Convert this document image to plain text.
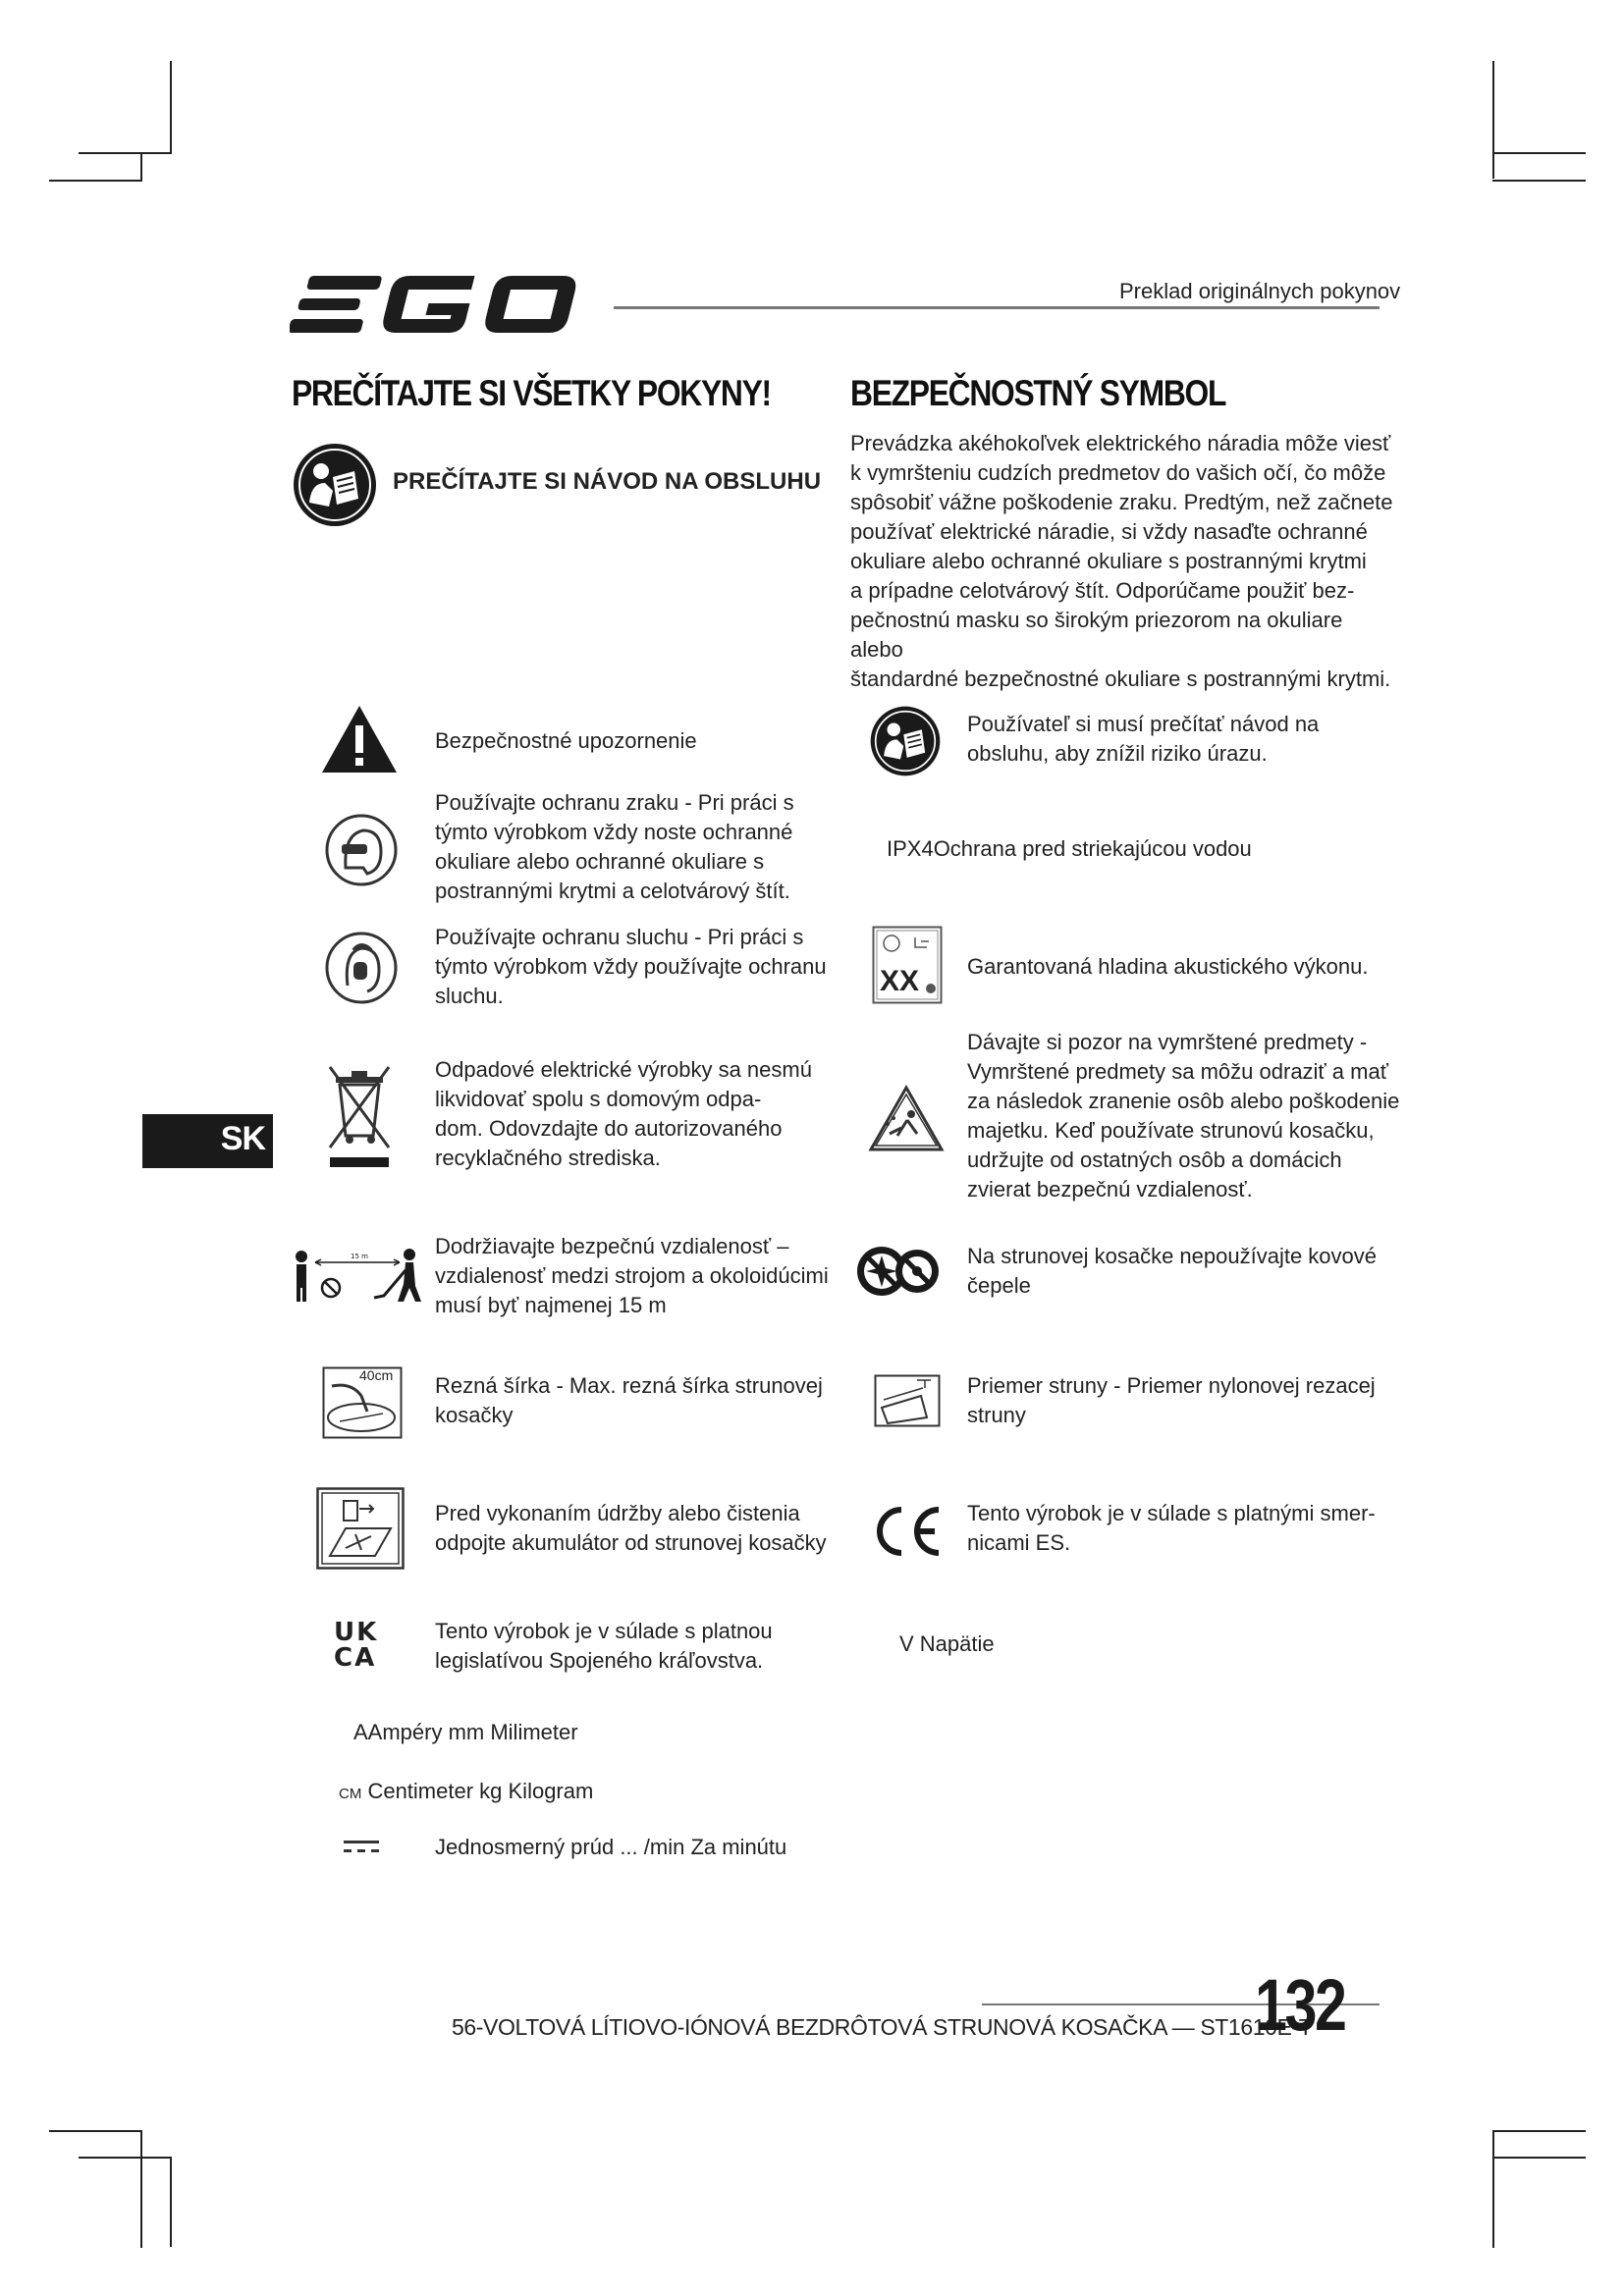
Preklad originálnych pokynov
PREČÍTAJTE SI VŠETKY POKYNY!
PREČÍTAJTE SI NÁVOD NA OBSLUHU
BEZPEČNOSTNÝ SYMBOL
Prevádzka akéhokoľvek elektrického náradia môže viesť
k vymršteniu cudzích predmetov do vašich očí, čo môže
spôsobiť vážne poškodenie zraku. Predtým, než začnete
používať elektrické náradie, si vždy nasaďte ochranné
okuliare alebo ochranné okuliare s postrannými krytmi
a prípadne celotvárový štít. Odporúčame použiť bez-
pečnostnú masku so širokým priezorom na okuliare alebo
štandardné bezpečnostné okuliare s postrannými krytmi.
Bezpečnostné upozornenie
Používajte ochranu zraku - Pri práci s
týmto výrobkom vždy noste ochranné
okuliare alebo ochranné okuliare s
postrannými krytmi a celotvárový štít.
Používajte ochranu sluchu - Pri práci s
týmto výrobkom vždy používajte ochranu
sluchu.
Odpadové elektrické výrobky sa nesmú
likvidovať spolu s domovým odpa-
dom. Odovzdajte do autorizovaného
recyklačného strediska.
15 m	Dodržiavajte bezpečnú vzdialenosť –
vzdialenosť medzi strojom a okoloidúcimi
musí byť najmenej 15 m
40cm Rezná šírka - Max. rezná šírka strunovej
kosačky
Pred vykonaním údržby alebo čistenia
odpojte akumulátor od strunovej kosačky
UK
CA
Tento výrobok je v súlade s platnou
legislatívou Spojeného kráľovstva.
Používateľ si musí prečítať návod na
obsluhu, aby znížil riziko úrazu.
IPX4Ochrana pred striekajúcou vodou
XX Garantovaná hladina akustického výkonu.
Dávajte si pozor na vymrštené predmety -
Vymrštené predmety sa môžu odraziť a mať
za následok zranenie osôb alebo poškodenie
majetku. Keď používate strunovú kosačku,
udržujte od ostatných osôb a domácich
zvierat bezpečnú vzdialenosť.
Na strunovej kosačke nepoužívajte kovové
čepele
Priemer struny - Priemer nylonovej rezacej
struny
CE	Tento výrobok je v súlade s platnými smer-
nicami ES.
V Napätie
AAmpéry mm Milimeter
CM Centimeter kg Kilogram
Jednosmerný prúd ... /min Za minútu
SK
56-VOLTOVÁ LÍTIOVO-IÓNOVÁ BEZDRÔTOVÁ STRUNOVÁ KOSAČKA — ST1610E-T
132
